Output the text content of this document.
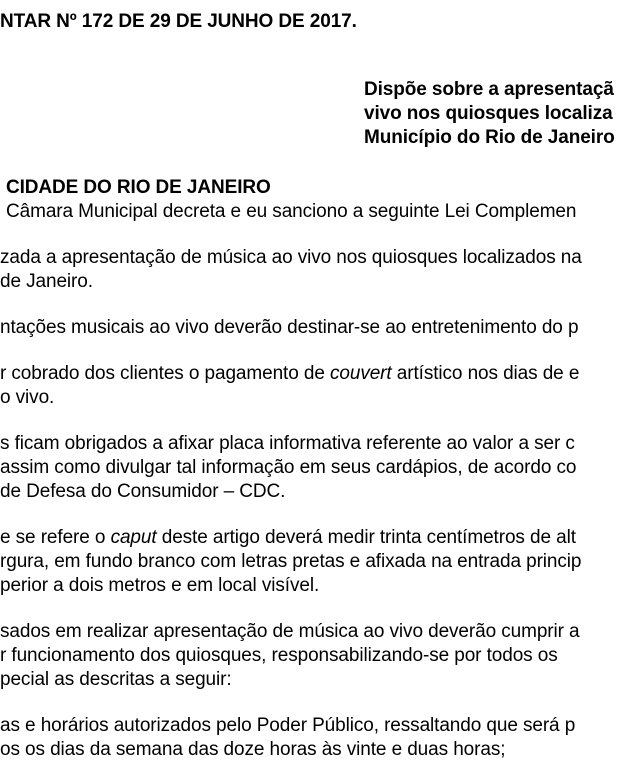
NTAR Nº 172 DE 29 DE JUNHO DE 2017.
Dispõe sobre a apresentaçã
vivo nos quiosques localiza
Município do Rio de Janeiro
CIDADE DO RIO DE JANEIRO
Câmara Municipal decreta e eu sanciono a seguinte Lei Complemen
zada a apresentação de música ao vivo nos quiosques localizados na
de Janeiro.
ntações musicais ao vivo deverão destinar-se ao entretenimento do p
r cobrado dos clientes o pagamento de couvert artístico nos dias de e
o vivo.
s ficam obrigados a afixar placa informativa referente ao valor a ser c
assim como divulgar tal informação em seus cardápios, de acordo co
de Defesa do Consumidor – CDC.
e se refere o caput deste artigo deverá medir trinta centímetros de alt
rgura, em fundo branco com letras pretas e afixada na entrada princip
perior a dois metros e em local visível.
sados em realizar apresentação de música ao vivo deverão cumprir a
r funcionamento dos quiosques, responsabilizando-se por todos os
pecial as descritas a seguir:
as e horários autorizados pelo Poder Público, ressaltando que será p
os os dias da semana das doze horas às vinte e duas horas;
